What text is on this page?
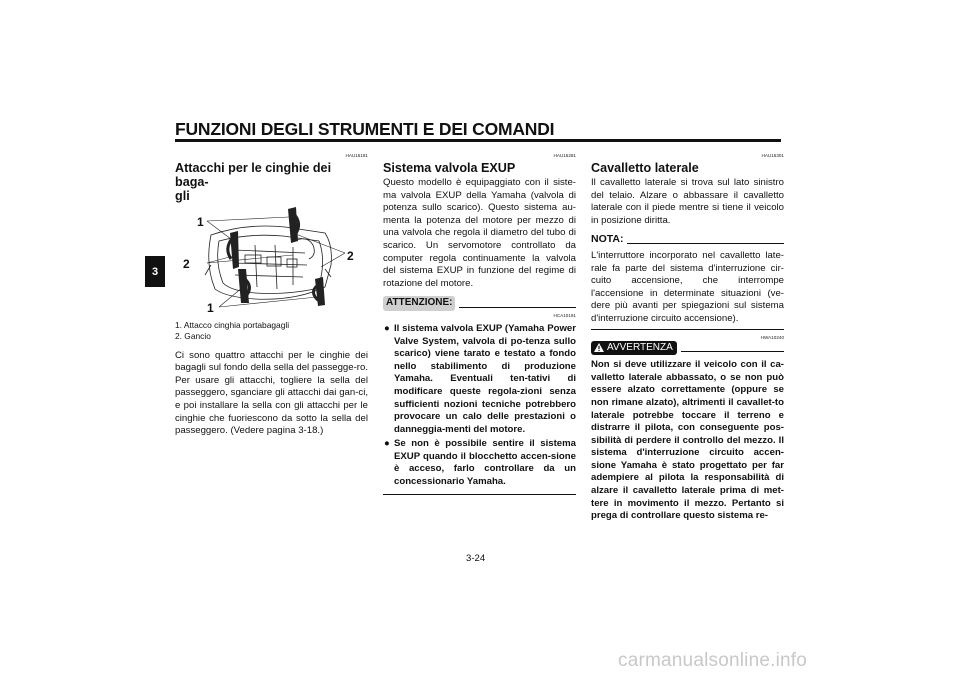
FUNZIONI DEGLI STRUMENTI E DEI COMANDI
3
HAU15181
Attacchi per le cinghie dei baga-
gli
1
2
2
1
1. Attacco cinghia portabagagli
2. Gancio

Ci sono quattro attacchi per le cinghie dei bagagli sul fondo della sella del passegge-ro. Per usare gli attacchi, togliere la sella del passeggero, sganciare gli attacchi dai gan-ci, e poi installare la sella con gli attacchi per le cinghie che fuoriescono da sotto la sella del passeggero. (Vedere pagina 3-18.)

HAU15281
Sistema valvola EXUP

Questo modello è equipaggiato con il siste-ma valvola EXUP della Yamaha (valvola di potenza sullo scarico). Questo sistema au-menta la potenza del motore per mezzo di una valvola che regola il diametro del tubo di scarico. Un servomotore controllato da computer regola continuamente la valvola del sistema EXUP in funzione del regime di rotazione del motore.

ATTENZIONE:
HCA10191
● Il sistema valvola EXUP (Yamaha Power Valve System, valvola di po-tenza sullo scarico) viene tarato e testato a fondo nello stabilimento di produzione Yamaha. Eventuali ten-tativi di modificare queste regola-zioni senza sufficienti nozioni tecniche potrebbero provocare un calo delle prestazioni o danneggia-menti del motore.
● Se non è possibile sentire il sistema EXUP quando il blocchetto accen-sione è acceso, farlo controllare da un concessionario Yamaha.
HAU15301
Cavalletto laterale

Il cavalletto laterale si trova sul lato sinistro del telaio. Alzare o abbassare il cavalletto laterale con il piede mentre si tiene il veicolo in posizione diritta.

NOTA:

L'interruttore incorporato nel cavalletto late-rale fa parte del sistema d'interruzione cir-cuito accensione, che interrompe l'accensione in determinate situazioni (ve-dere più avanti per spiegazioni sul sistema d'interruzione circuito accensione).

HWA10240
AVVERTENZA

Non si deve utilizzare il veicolo con il ca-valletto laterale abbassato, o se non può essere alzato correttamente (oppure se non rimane alzato), altrimenti il cavallet-to laterale potrebbe toccare il terreno e distrarre il pilota, con conseguente pos-sibilità di perdere il controllo del mezzo. Il sistema d'interruzione circuito accen-sione Yamaha è stato progettato per far adempiere al pilota la responsabilità di alzare il cavalletto laterale prima di met-tere in movimento il mezzo. Pertanto si prega di controllare questo sistema re-

3-24
carmanualsonline.info
